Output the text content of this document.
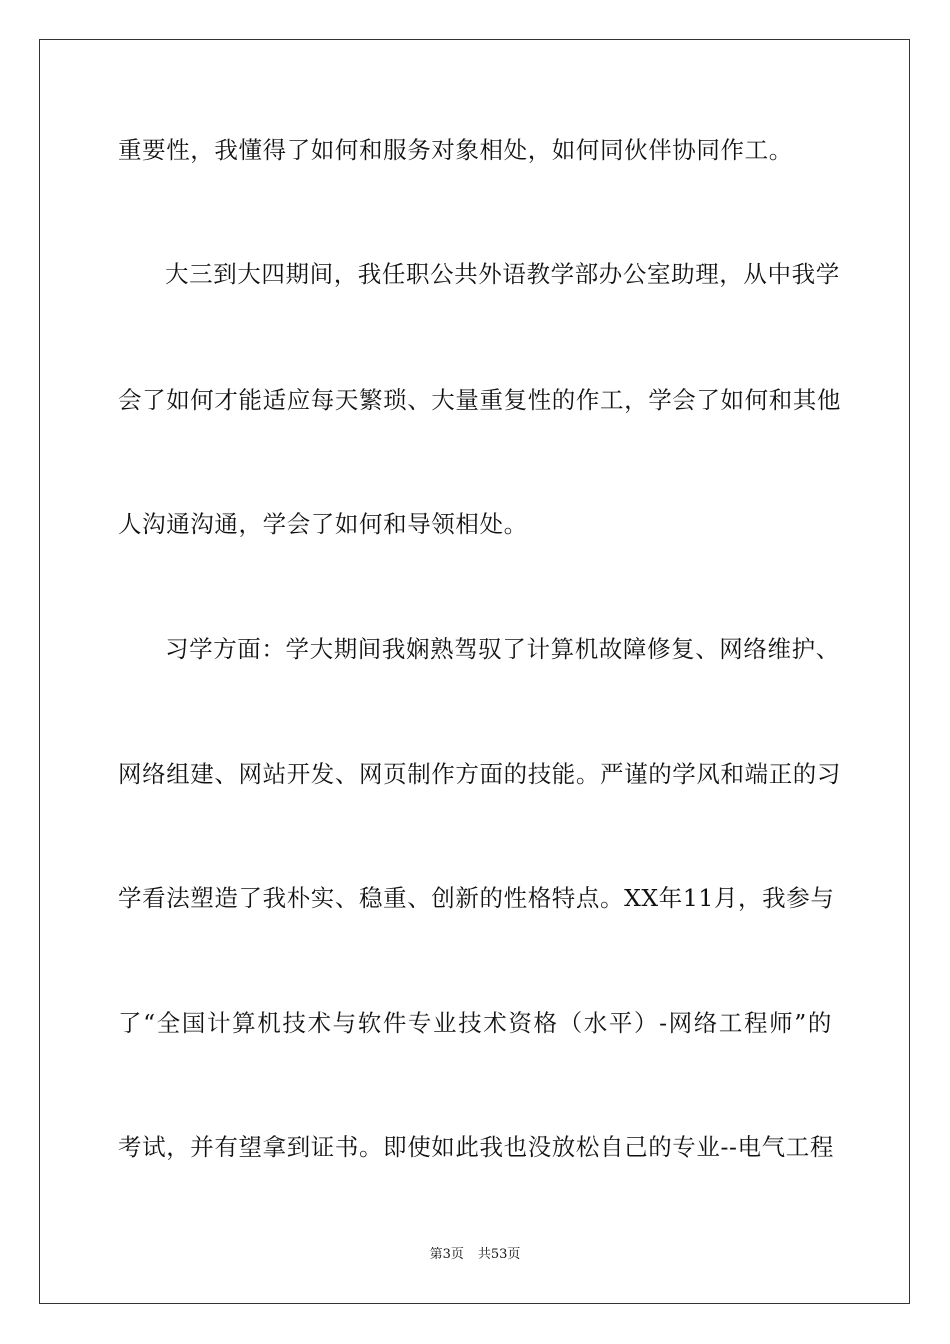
重要性，我懂得了如何和服务对象相处，如何同伙伴协同作工。
大三到大四期间，我任职公共外语教学部办公室助理，从中我学
会了如何才能适应每天繁琐、大量重复性的作工，学会了如何和其他
人沟通沟通，学会了如何和导领相处。
习学方面：学大期间我娴熟驾驭了计算机故障修复、网络维护、
网络组建、网站开发、网页制作方面的技能。严谨的学风和端正的习
学看法塑造了我朴实、稳重、创新的性格特点。XX年11月，我参与
了“全国计算机技术与软件专业技术资格（水平）-网络工程师”的
考试，并有望拿到证书。即使如此我也没放松自己的专业--电气工程
第3页 共53页
